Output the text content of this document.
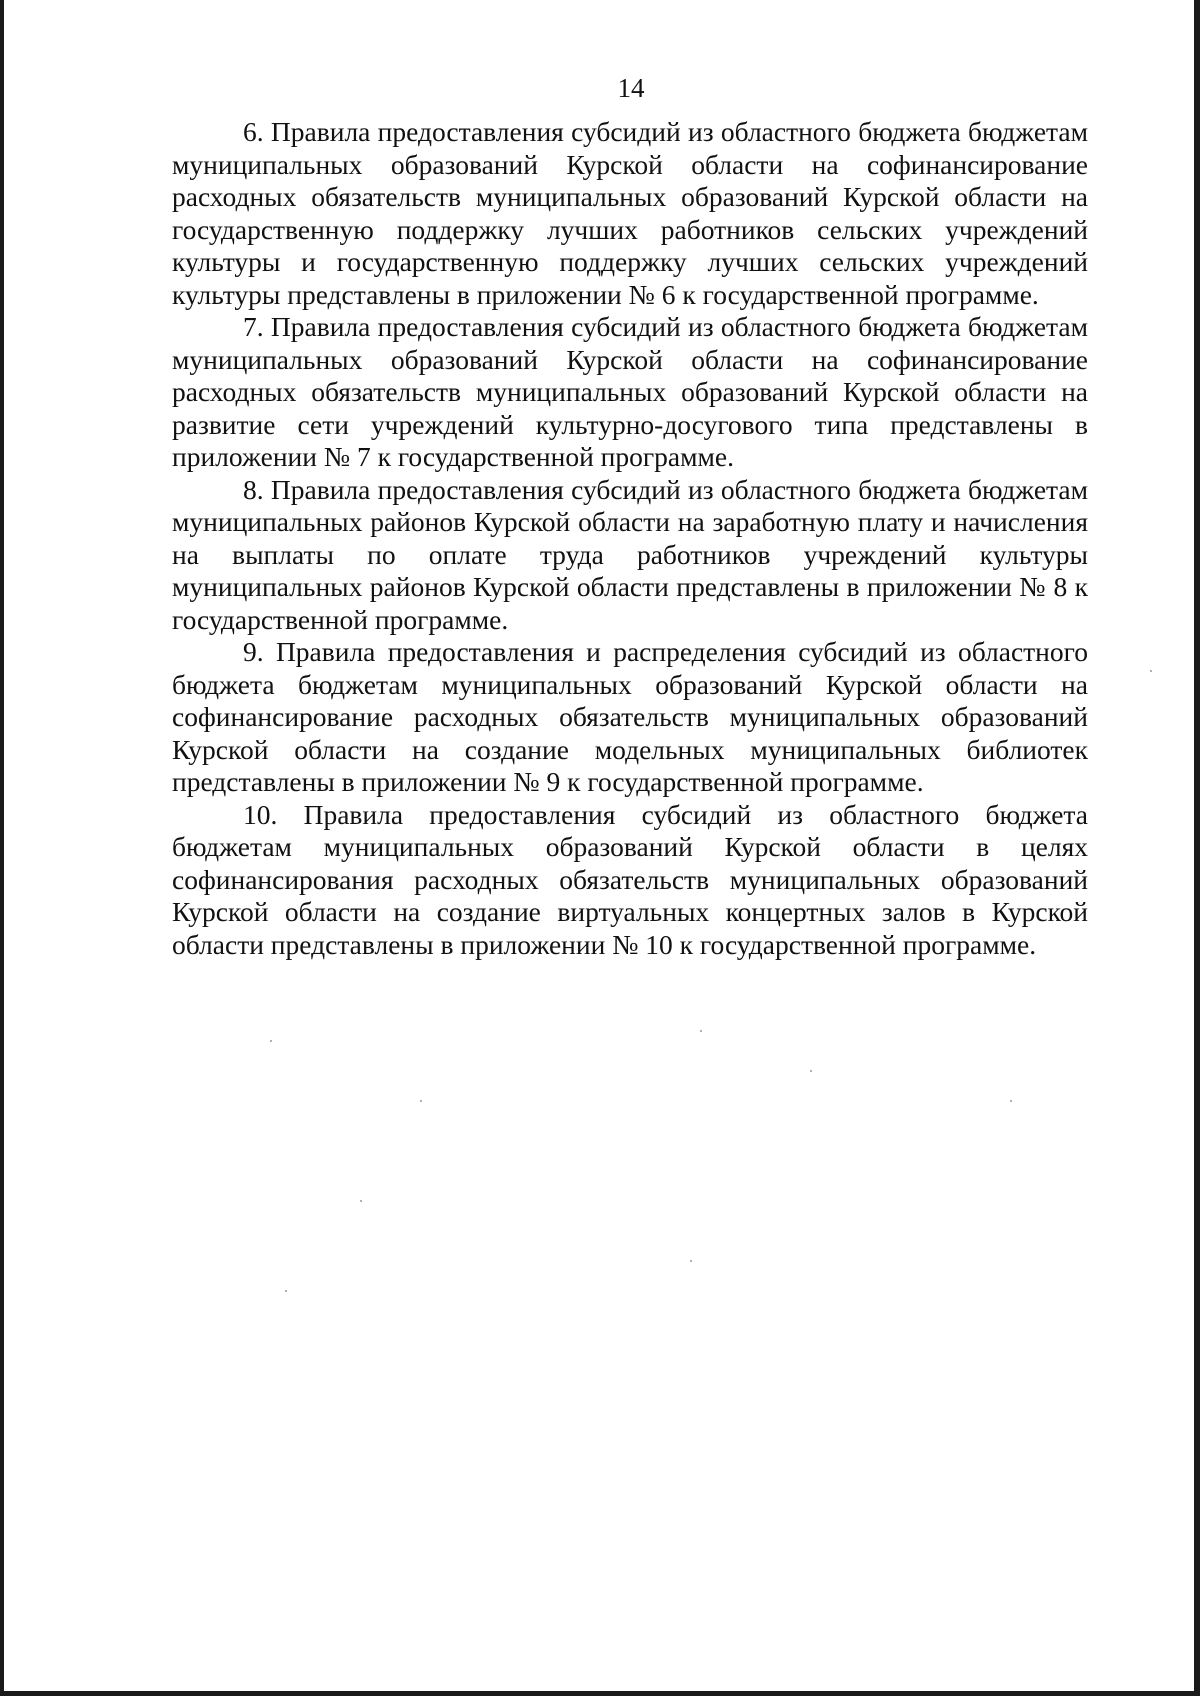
14

6. Правила предоставления субсидий из областного бюджета бюджетам муниципальных образований Курской области на софинансирование расходных обязательств муниципальных образований Курской области на государственную поддержку лучших работников сельских учреждений культуры и государственную поддержку лучших сельских учреждений культуры представлены в приложении № 6 к государственной программе.

7. Правила предоставления субсидий из областного бюджета бюджетам муниципальных образований Курской области на софинансирование расходных обязательств муниципальных образований Курской области на развитие сети учреждений культурно-досугового типа представлены в приложении № 7 к государственной программе.

8. Правила предоставления субсидий из областного бюджета бюджетам муниципальных районов Курской области на заработную плату и начисления на выплаты по оплате труда работников учреждений культуры муниципальных районов Курской области представлены в приложении № 8 к государственной программе.

9. Правила предоставления и распределения субсидий из областного бюджета бюджетам муниципальных образований Курской области на софинансирование расходных обязательств муниципальных образований Курской области на создание модельных муниципальных библиотек представлены в приложении № 9 к государственной программе.

10. Правила предоставления субсидий из областного бюджета бюджетам муниципальных образований Курской области в целях софинансирования расходных обязательств муниципальных образований Курской области на создание виртуальных концертных залов в Курской области представлены в приложении № 10 к государственной программе.
